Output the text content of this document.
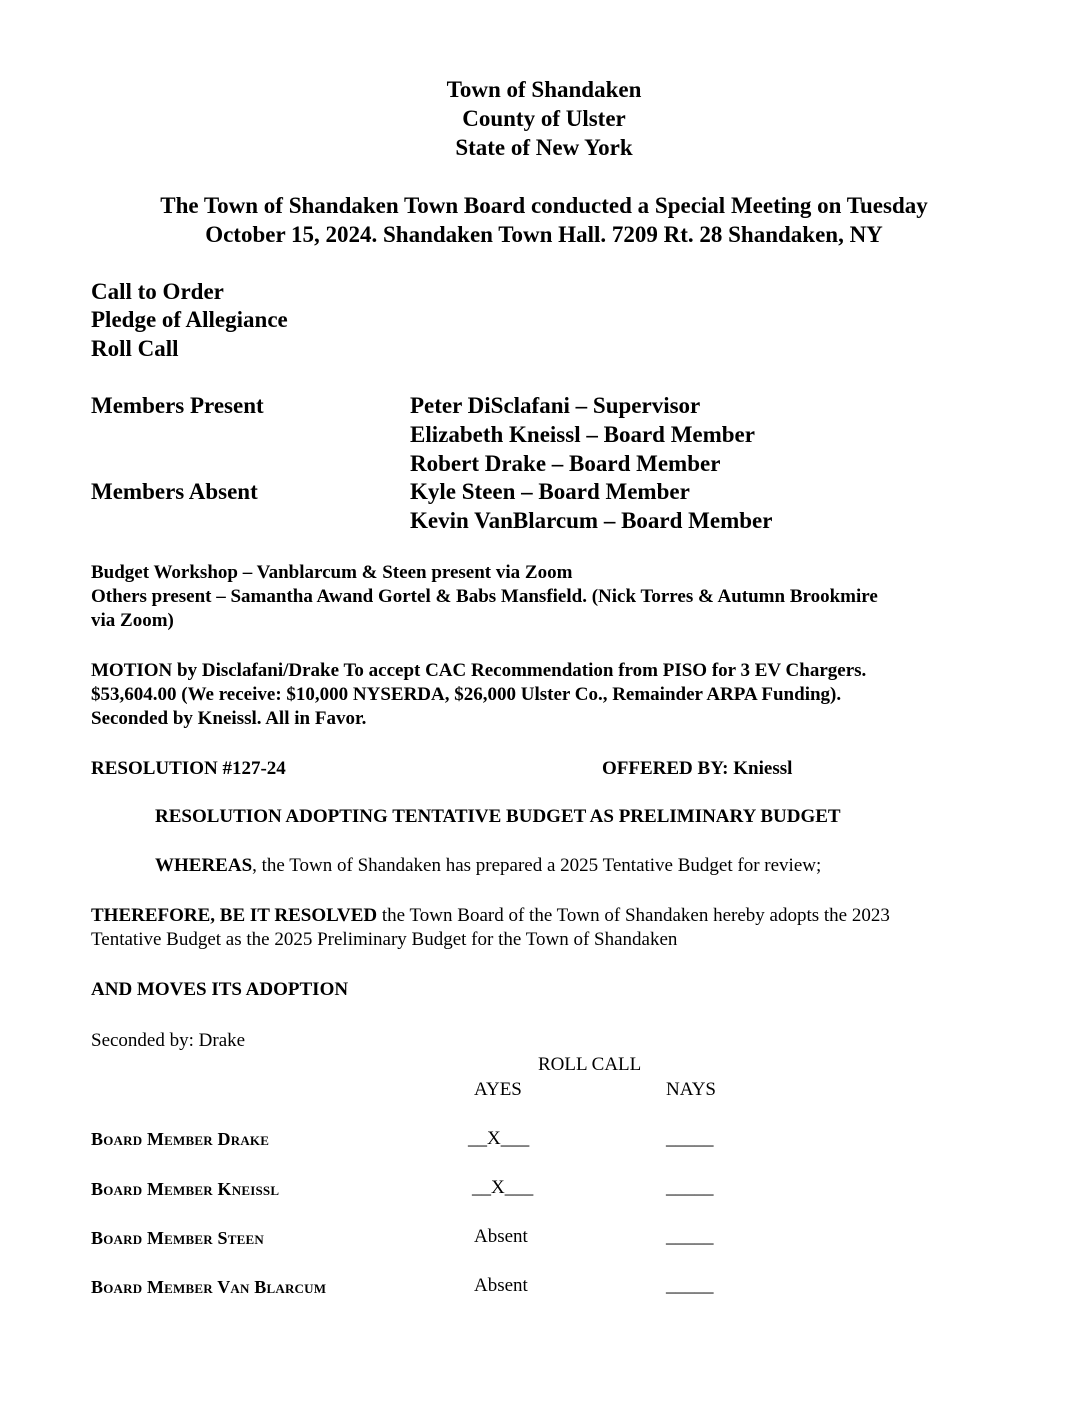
Town of Shandaken
County of Ulster
State of New York
The Town of Shandaken Town Board conducted a Special Meeting on Tuesday
October 15, 2024. Shandaken Town Hall. 7209 Rt. 28 Shandaken, NY
Call to Order
Pledge of Allegiance
Roll Call
Members Present	Peter DiSclafani – Supervisor
Elizabeth Kneissl – Board Member
Robert Drake – Board Member
Members Absent	Kyle Steen – Board Member
Kevin VanBlarcum – Board Member
Budget Workshop – Vanblarcum & Steen present via Zoom
Others present – Samantha Awand Gortel & Babs Mansfield. (Nick Torres & Autumn Brookmire
via Zoom)
MOTION by Disclafani/Drake To accept CAC Recommendation from PISO for 3 EV Chargers.
$53,604.00 (We receive: $10,000 NYSERDA, $26,000 Ulster Co., Remainder ARPA Funding).
Seconded by Kneissl. All in Favor.
RESOLUTION #127-24	OFFERED BY: Kniessl
RESOLUTION ADOPTING TENTATIVE BUDGET AS PRELIMINARY BUDGET
WHEREAS, the Town of Shandaken has prepared a 2025 Tentative Budget for review;
THEREFORE, BE IT RESOLVED the Town Board of the Town of Shandaken hereby adopts the 2023
Tentative Budget as the 2025 Preliminary Budget for the Town of Shandaken
AND MOVES ITS ADOPTION
Seconded by: Drake
ROLL CALL
AYES	NAYS
Board Member Drake	__X___	_____
Board Member Kneissl	__X___	_____
Board Member Steen	Absent	_____
Board Member Van Blarcum	Absent	_____
